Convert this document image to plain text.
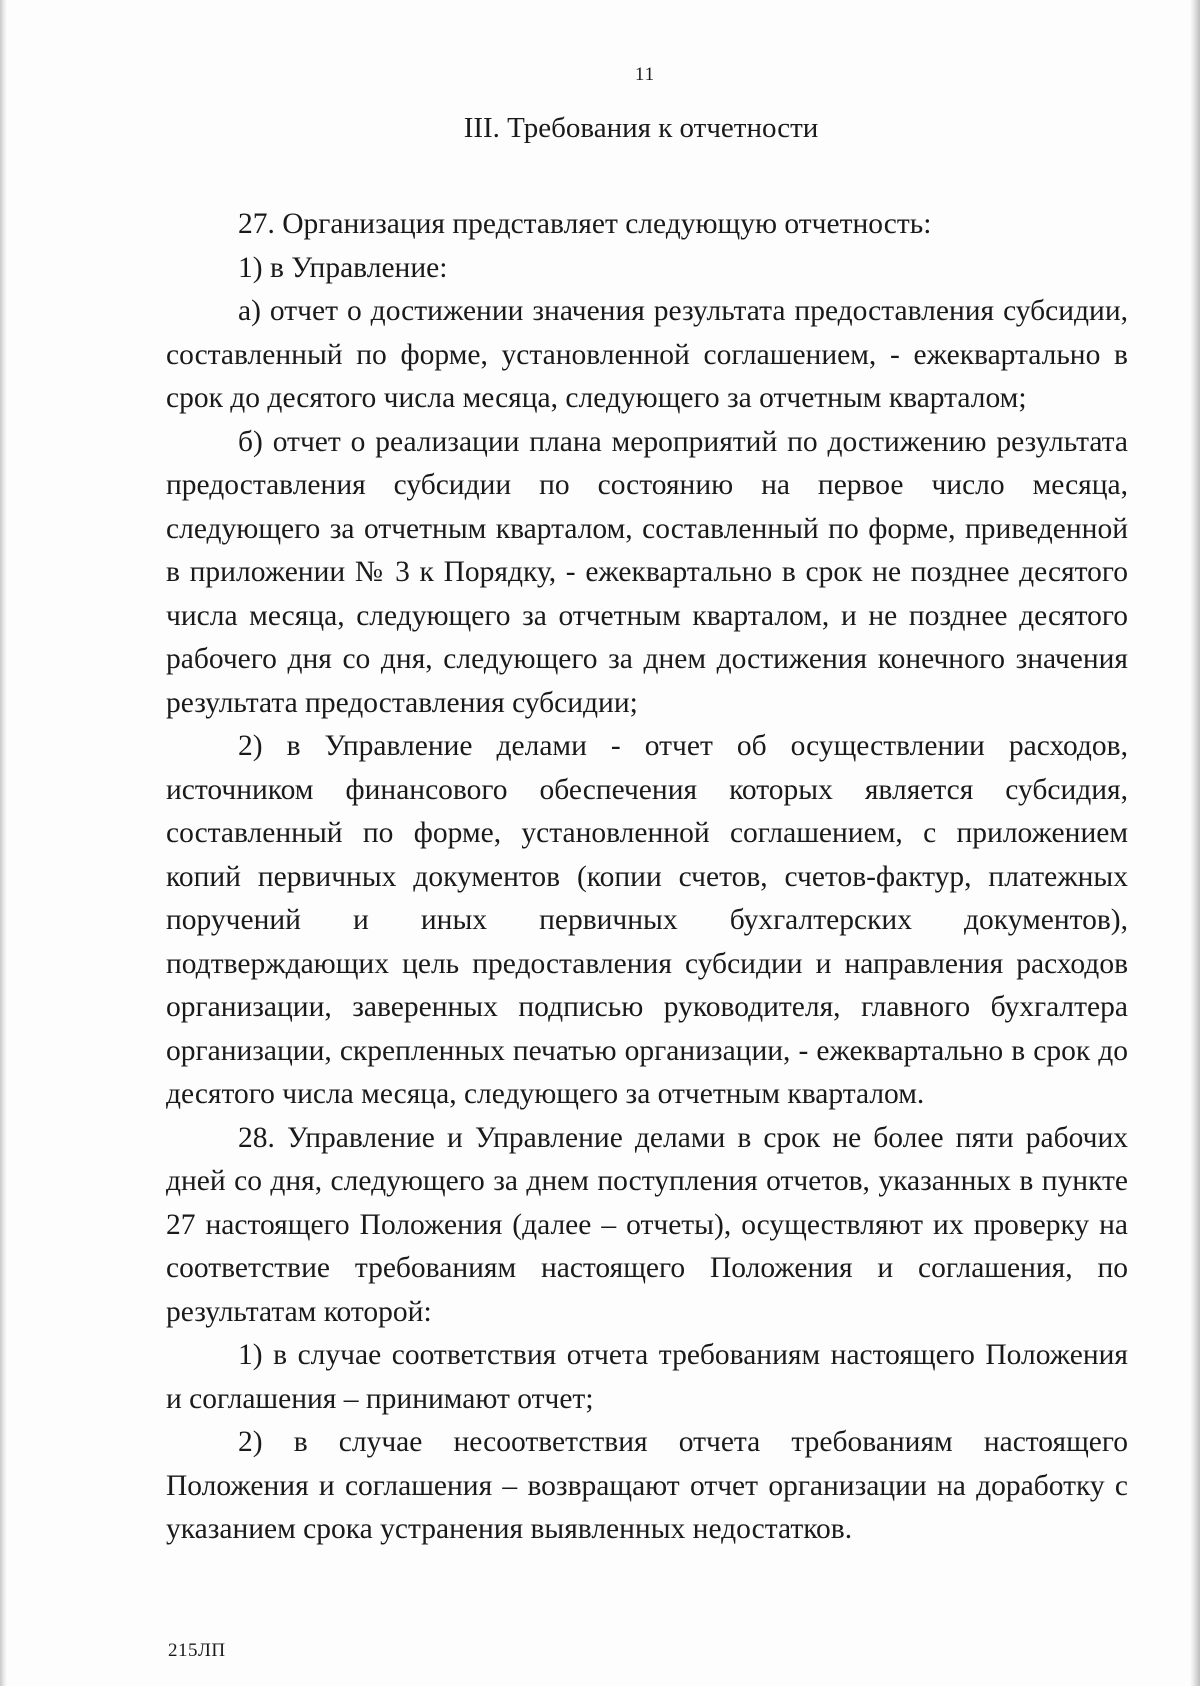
11
III. Требования к отчетности

27. Организация представляет следующую отчетность:

1) в Управление:

а) отчет о достижении значения результата предоставления субсидии, составленный по форме, установленной соглашением, - ежеквартально в срок до десятого числа месяца, следующего за отчетным кварталом;

б) отчет о реализации плана мероприятий по достижению результата предоставления субсидии по состоянию на первое число месяца, следующего за отчетным кварталом, составленный по форме, приведенной в приложении № 3 к Порядку, - ежеквартально в срок не позднее десятого числа месяца, следующего за отчетным кварталом, и не позднее десятого рабочего дня со дня, следующего за днем достижения конечного значения результата предоставления субсидии;

2) в Управление делами - отчет об осуществлении расходов, источником финансового обеспечения которых является субсидия, составленный по форме, установленной соглашением, с приложением копий первичных документов (копии счетов, счетов-фактур, платежных поручений и иных первичных бухгалтерских документов), подтверждающих цель предоставления субсидии и направления расходов организации, заверенных подписью руководителя, главного бухгалтера организации, скрепленных печатью организации, - ежеквартально в срок до десятого числа месяца, следующего за отчетным кварталом.

28. Управление и Управление делами в срок не более пяти рабочих дней со дня, следующего за днем поступления отчетов, указанных в пункте 27 настоящего Положения (далее – отчеты), осуществляют их проверку на соответствие требованиям настоящего Положения и соглашения, по результатам которой:

1) в случае соответствия отчета требованиям настоящего Положения и соглашения – принимают отчет;

2) в случае несоответствия отчета требованиям настоящего Положения и соглашения – возвращают отчет организации на доработку с указанием срока устранения выявленных недостатков.

215ЛП
